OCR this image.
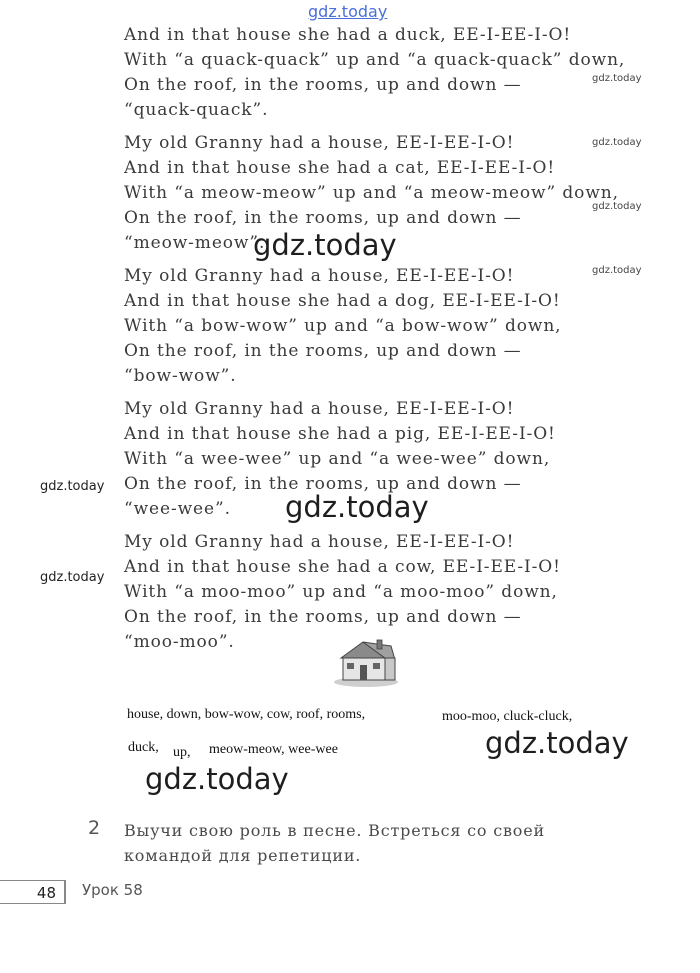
gdz.today
And in that house she had a duck, EE-I-EE-I-O!
With “a quack-quack” up and “a quack-quack” down,
On the roof, in the rooms, up and down —
“quack-quack”.
My old Granny had a house, EE-I-EE-I-O!
And in that house she had a cat, EE-I-EE-I-O!
With “a meow-meow” up and “a meow-meow” down,
On the roof, in the rooms, up and down —
“meow-meow”.
My old Granny had a house, EE-I-EE-I-O!
And in that house she had a dog, EE-I-EE-I-O!
With “a bow-wow” up and “a bow-wow” down,
On the roof, in the rooms, up and down —
“bow-wow”.
My old Granny had a house, EE-I-EE-I-O!
And in that house she had a pig, EE-I-EE-I-O!
With “a wee-wee” up and “a wee-wee” down,
On the roof, in the rooms, up and down —
“wee-wee”.
My old Granny had a house, EE-I-EE-I-O!
And in that house she had a cow, EE-I-EE-I-O!
With “a moo-moo” up and “a moo-moo” down,
On the roof, in the rooms, up and down —
“moo-moo”.
gdz.today
gdz.today
gdz.today
gdz.today
gdz.today
gdz.today
gdz.today
gdz.today
gdz.today
gdz.today
house, down, bow-wow, cow, roof, rooms,	moo-moo, cluck-cluck,
duck, up, meow-meow, wee-wee
2 Выучи свою роль в песне. Встреться со своей
командой для репетиции.
48	Урок 58
